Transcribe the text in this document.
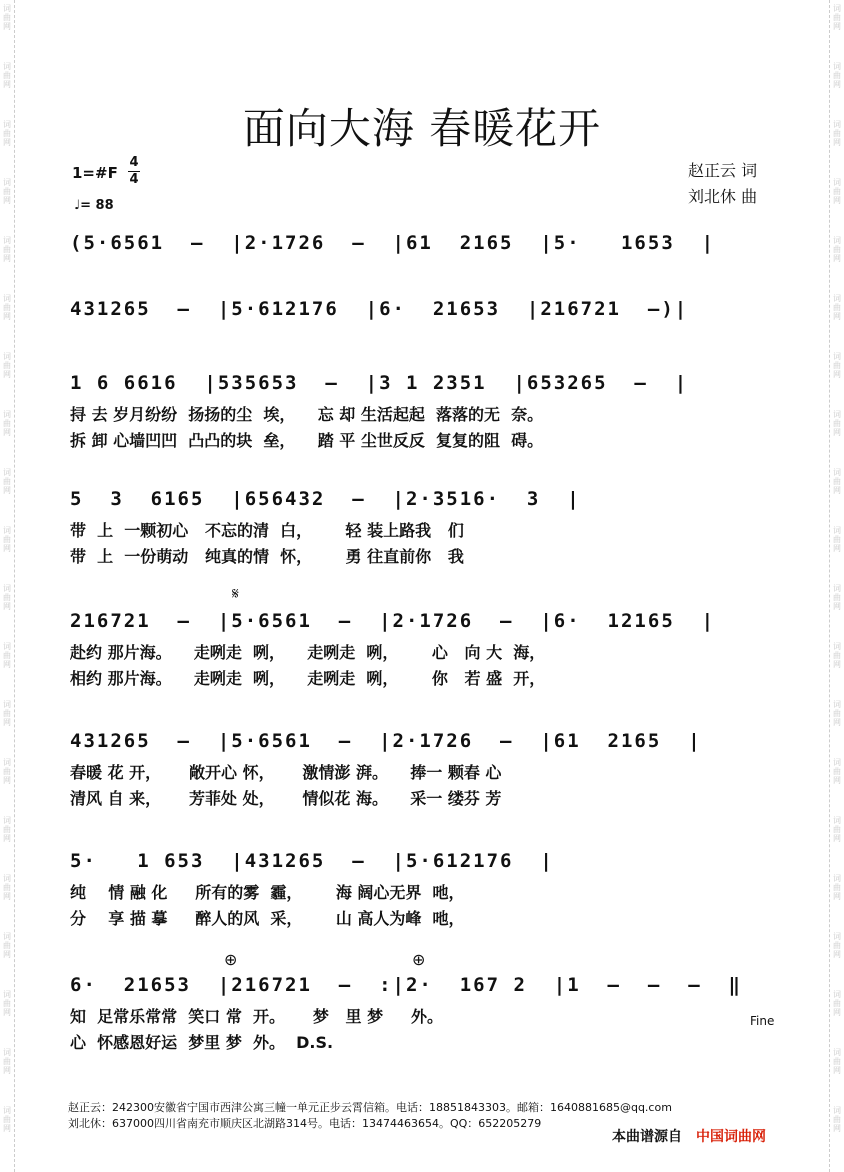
词
曲
网
词
曲
网
词
曲
网
词
曲
网
词
曲
网
词
曲
网
词
曲
网
词
曲
网
词
曲
网
词
曲
网
词
曲
网
词
曲
网
词
曲
网
词
曲
网
词
曲
网
词
曲
网
词
曲
网
词
曲
网
词
曲
网
词
曲
网
词
曲
网
词
曲
网
词
曲
网
词
曲
网
词
曲
网
词
曲
网
词
曲
网
词
曲
网
词
曲
网
词
曲
网
词
曲
网
词
曲
网
词
曲
网
词
曲
网
词
曲
网
词
曲
网
词
曲
网
词
曲
网
词
曲
网
词
曲
网
面向大海 春暖花开
1=#F
4
4
♩= 88
赵正云 词
刘北休 曲
(5·6561  –  |2·1726  –  |61  2165  |5·   1653  |
431265  –  |5·612176  |6·  21653  |216721  –)|
1 6 6616  |535653  –  |3 1 2351  |653265  –  |
挦 去 岁月纷纷  扬扬的尘  埃，    忘 却 生活起起  落落的无  奈。
拆 卸 心墙凹凹  凸凸的块  垒，    踏 平 尘世反反  复复的阻  碍。
5  3  6165  |656432  –  |2·3516·  3  |
带  上  一颗初心   不忘的清  白，      轻 装上路我   们
带  上  一份萌动   纯真的情  怀，      勇 往直前你   我
𝄋
216721  –  |5·6561  –  |2·1726  –  |6·  12165  |
赴约 那片海。    走咧走  咧，    走咧走  咧，      心   向 大  海，
相约 那片海。    走咧走  咧，    走咧走  咧，      你   若 盛  开，
431265  –  |5·6561  –  |2·1726  –  |61  2165  |
春暖 花 开，     敞开心 怀，     激情澎 湃。    捧一 颗春 心
清风 自 来，     芳菲处 处，     情似花 海。    采一 缕芬 芳
5·   1 653  |431265  –  |5·612176  |
纯    情 融 化     所有的雾  霾，      海 阔心无界  吔，
分    享 描 摹     醉人的风  采，      山 高人为峰  吔，
⊕	⊕
6·  21653  |216721  –  :|2·  167 2  |1  –  –  –  ‖
知  足常乐常常  笑口 常  开。     梦   里 梦     外。
心  怀感恩好运  梦里 梦  外。  D.S.
Fine
赵正云：242300安徽省宁国市西津公寓三幢一单元正步云霄信箱。电话：18851843303。邮箱：1640881685@qq.com
刘北休：637000四川省南充市顺庆区北湖路314号。电话：13474463654。QQ：652205279
本曲谱源自 中国词曲网
